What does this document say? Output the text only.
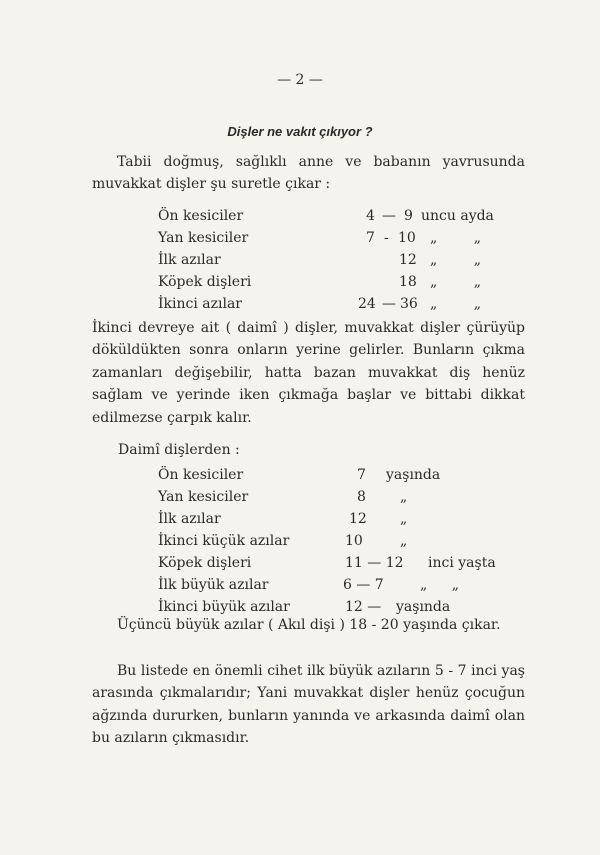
— 2 —
Dişler ne vakıt çıkıyor ?
Tabii doğmuş, sağlıklı anne ve babanın yavrusunda muvakkat dişler şu suretle çıkar :
Ön kesiciler	4 — 9 uncu ayda
Yan kesiciler	7 - 10 „ „
İlk azılar	12 „ „
Köpek dişleri	18 „ „
İkinci azılar	24 — 36 „ „
İkinci devreye ait ( daimî ) dişler, muvakkat dişler çürüyüp döküldükten sonra onların yerine gelirler. Bunların çıkma zamanları değişebilir, hatta bazan muvakkat diş henüz sağlam ve yerinde iken çıkmağa başlar ve bittabi dikkat edilmezse çarpık kalır.
Daimî dişlerden :
Ön kesiciler	7 yaşında
Yan kesiciler	8 „
İlk azılar	12 „
İkinci küçük azılar	10	„
Köpek dişleri	11 — 12 inci yaşta
İlk büyük azılar	6 — 7	„ „
İkinci büyük azılar	12 — yaşında
Üçüncü büyük azılar ( Akıl dişi ) 18 - 20 yaşında çıkar.
Bu listede en önemli cihet ilk büyük azıların 5 - 7 inci yaş arasında çıkmalarıdır; Yani muvakkat dişler henüz çocuğun ağzında dururken, bunların yanında ve arkasında daimî olan bu azıların çıkmasıdır.
